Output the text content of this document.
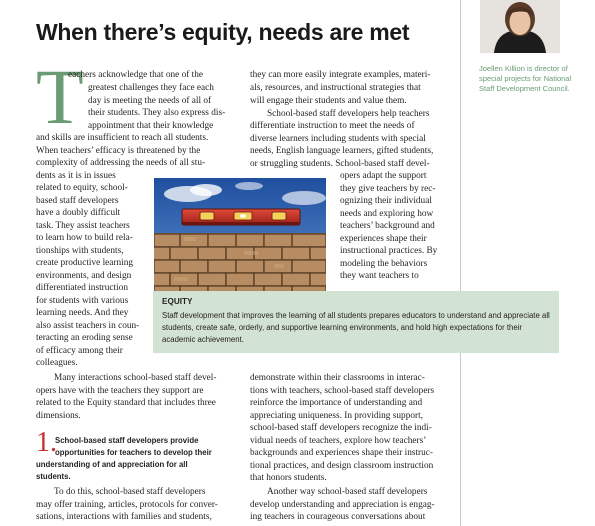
When there’s equity, needs are met
Joellen Killion is director of special projects for National Staff Development Council.
T
eachers acknowledge that one of the
greatest challenges they face each
day is meeting the needs of all of
their students. They also express dis-
appointment that their knowledge
and skills are insufficient to reach all students.
When teachers’ efficacy is threatened by the
complexity of addressing the needs of all stu-
dents as it is in issues
related to equity, school-
based staff developers
have a doubly difficult
task. They assist teachers
to learn how to build rela-
tionships with students,
create productive learning
environments, and design
differentiated instruction
for students with various
learning needs. And they
also assist teachers in coun-
teracting an eroding sense
of efficacy among their
colleagues.
Many interactions school-based staff devel-
opers have with the teachers they support are
related to the Equity standard that includes three
dimensions.
1.
School-based staff developers provide
opportunities for teachers to develop their
understanding of and appreciation for all
students.
To do this, school-based staff developers
may offer training, articles, protocols for conver-
sations, interactions with families and students,
they can more easily integrate examples, materi-
als, resources, and instructional strategies that
will engage their students and value them.
School-based staff developers help teachers
differentiate instruction to meet the needs of
diverse learners including students with special
needs, English language learners, gifted students,
or struggling students. School-based staff devel-
opers adapt the support
they give teachers by rec-
ognizing their individual
needs and exploring how
teachers’ background and
experiences shape their
instructional practices. By
modeling the behaviors
they want teachers to
demonstrate within their classrooms in interac-
tions with teachers, school-based staff developers
reinforce the importance of understanding and
appreciating uniqueness. In providing support,
school-based staff developers recognize the indi-
vidual needs of teachers, explore how teachers’
backgrounds and experiences shape their instruc-
tional practices, and design classroom instruction
that honors students.
Another way school-based staff developers
develop understanding and appreciation is engag-
ing teachers in courageous conversations about
EQUITY
Staff development that improves the learning of all students prepares educators to understand and appreciate all students, create safe, orderly, and supportive learning environments, and hold high expectations for their academic achievement.
